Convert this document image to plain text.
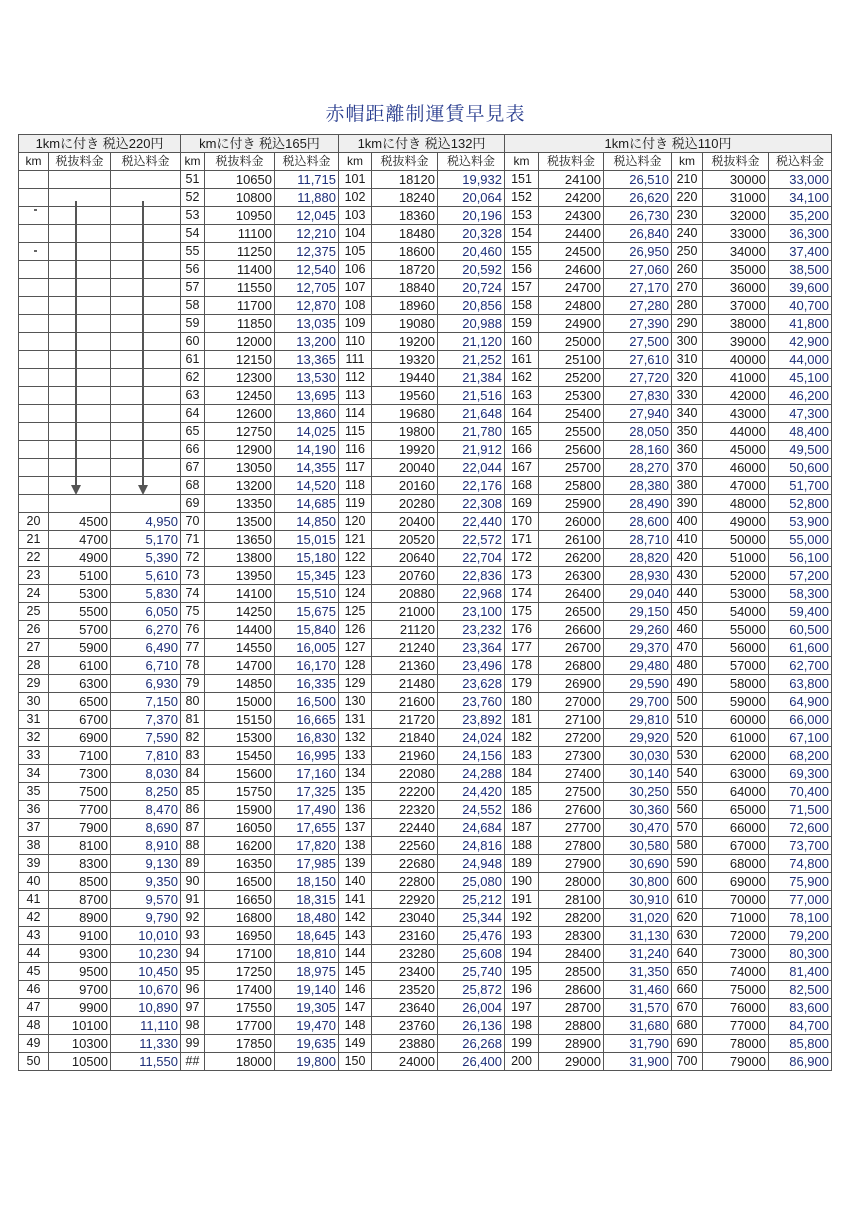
赤帽距離制運賃早見表
1kmに付き 税込220円			kmに付き 税込165円			1kmに付き 税込132円			1kmに付き 税込110円					
km	税抜料金	税込料金	km	税抜料金	税込料金	km	税抜料金	税込料金	km	税抜料金	税込料金	km	税抜料金	税込料金
			51	10650	11,715	101	18120	19,932	151	24100	26,510	210	30000	33,000
			52	10800	11,880	102	18240	20,064	152	24200	26,620	220	31000	34,100
			53	10950	12,045	103	18360	20,196	153	24300	26,730	230	32000	35,200
			54	11100	12,210	104	18480	20,328	154	24400	26,840	240	33000	36,300
			55	11250	12,375	105	18600	20,460	155	24500	26,950	250	34000	37,400
			56	11400	12,540	106	18720	20,592	156	24600	27,060	260	35000	38,500
			57	11550	12,705	107	18840	20,724	157	24700	27,170	270	36000	39,600
			58	11700	12,870	108	18960	20,856	158	24800	27,280	280	37000	40,700
			59	11850	13,035	109	19080	20,988	159	24900	27,390	290	38000	41,800
			60	12000	13,200	110	19200	21,120	160	25000	27,500	300	39000	42,900
			61	12150	13,365	111	19320	21,252	161	25100	27,610	310	40000	44,000
			62	12300	13,530	112	19440	21,384	162	25200	27,720	320	41000	45,100
			63	12450	13,695	113	19560	21,516	163	25300	27,830	330	42000	46,200
			64	12600	13,860	114	19680	21,648	164	25400	27,940	340	43000	47,300
			65	12750	14,025	115	19800	21,780	165	25500	28,050	350	44000	48,400
			66	12900	14,190	116	19920	21,912	166	25600	28,160	360	45000	49,500
			67	13050	14,355	117	20040	22,044	167	25700	28,270	370	46000	50,600
			68	13200	14,520	118	20160	22,176	168	25800	28,380	380	47000	51,700
			69	13350	14,685	119	20280	22,308	169	25900	28,490	390	48000	52,800
20	4500	4,950	70	13500	14,850	120	20400	22,440	170	26000	28,600	400	49000	53,900
21	4700	5,170	71	13650	15,015	121	20520	22,572	171	26100	28,710	410	50000	55,000
22	4900	5,390	72	13800	15,180	122	20640	22,704	172	26200	28,820	420	51000	56,100
23	5100	5,610	73	13950	15,345	123	20760	22,836	173	26300	28,930	430	52000	57,200
24	5300	5,830	74	14100	15,510	124	20880	22,968	174	26400	29,040	440	53000	58,300
25	5500	6,050	75	14250	15,675	125	21000	23,100	175	26500	29,150	450	54000	59,400
26	5700	6,270	76	14400	15,840	126	21120	23,232	176	26600	29,260	460	55000	60,500
27	5900	6,490	77	14550	16,005	127	21240	23,364	177	26700	29,370	470	56000	61,600
28	6100	6,710	78	14700	16,170	128	21360	23,496	178	26800	29,480	480	57000	62,700
29	6300	6,930	79	14850	16,335	129	21480	23,628	179	26900	29,590	490	58000	63,800
30	6500	7,150	80	15000	16,500	130	21600	23,760	180	27000	29,700	500	59000	64,900
31	6700	7,370	81	15150	16,665	131	21720	23,892	181	27100	29,810	510	60000	66,000
32	6900	7,590	82	15300	16,830	132	21840	24,024	182	27200	29,920	520	61000	67,100
33	7100	7,810	83	15450	16,995	133	21960	24,156	183	27300	30,030	530	62000	68,200
34	7300	8,030	84	15600	17,160	134	22080	24,288	184	27400	30,140	540	63000	69,300
35	7500	8,250	85	15750	17,325	135	22200	24,420	185	27500	30,250	550	64000	70,400
36	7700	8,470	86	15900	17,490	136	22320	24,552	186	27600	30,360	560	65000	71,500
37	7900	8,690	87	16050	17,655	137	22440	24,684	187	27700	30,470	570	66000	72,600
38	8100	8,910	88	16200	17,820	138	22560	24,816	188	27800	30,580	580	67000	73,700
39	8300	9,130	89	16350	17,985	139	22680	24,948	189	27900	30,690	590	68000	74,800
40	8500	9,350	90	16500	18,150	140	22800	25,080	190	28000	30,800	600	69000	75,900
41	8700	9,570	91	16650	18,315	141	22920	25,212	191	28100	30,910	610	70000	77,000
42	8900	9,790	92	16800	18,480	142	23040	25,344	192	28200	31,020	620	71000	78,100
43	9100	10,010	93	16950	18,645	143	23160	25,476	193	28300	31,130	630	72000	79,200
44	9300	10,230	94	17100	18,810	144	23280	25,608	194	28400	31,240	640	73000	80,300
45	9500	10,450	95	17250	18,975	145	23400	25,740	195	28500	31,350	650	74000	81,400
46	9700	10,670	96	17400	19,140	146	23520	25,872	196	28600	31,460	660	75000	82,500
47	9900	10,890	97	17550	19,305	147	23640	26,004	197	28700	31,570	670	76000	83,600
48	10100	11,110	98	17700	19,470	148	23760	26,136	198	28800	31,680	680	77000	84,700
49	10300	11,330	99	17850	19,635	149	23880	26,268	199	28900	31,790	690	78000	85,800
50	10500	11,550	##	18000	19,800	150	24000	26,400	200	29000	31,900	700	79000	86,900
